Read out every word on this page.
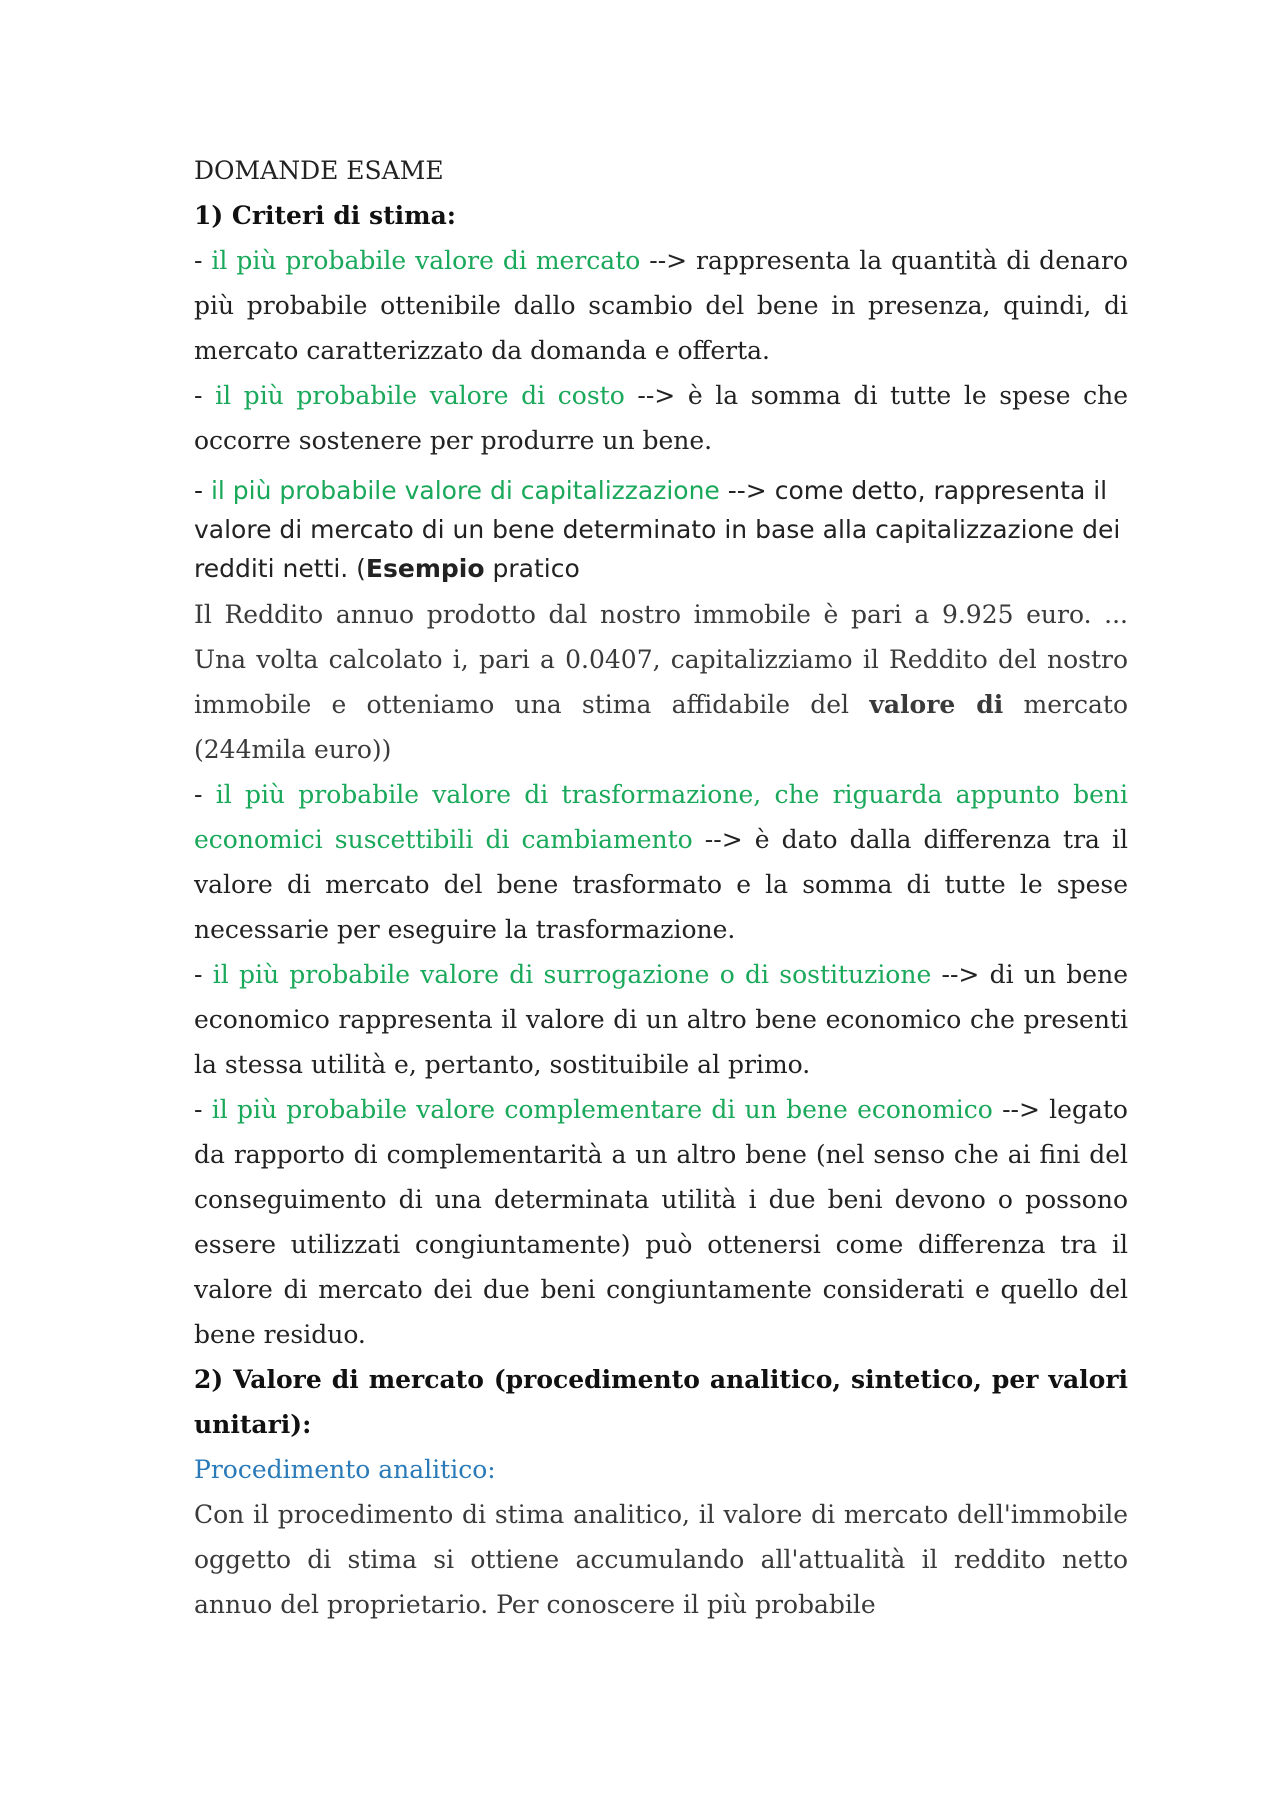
DOMANDE ESAME

1) Criteri di stima:

- il più probabile valore di mercato --> rappresenta la quantità di denaro più probabile ottenibile dallo scambio del bene in presenza, quindi, di mercato caratterizzato da domanda e offerta.

- il più probabile valore di costo --> è la somma di tutte le spese che occorre sostenere per produrre un bene.

- il più probabile valore di capitalizzazione --> come detto, rappresenta il valore di mercato di un bene determinato in base alla capitalizzazione dei redditi netti. (Esempio pratico

Il Reddito annuo prodotto dal nostro immobile è pari a 9.925 euro. ... Una volta calcolato i, pari a 0.0407, capitalizziamo il Reddito del nostro immobile e otteniamo una stima affidabile del valore di mercato (244mila euro))

- il più probabile valore di trasformazione, che riguarda appunto beni economici suscettibili di cambiamento --> è dato dalla differenza tra il valore di mercato del bene trasformato e la somma di tutte le spese necessarie per eseguire la trasformazione.

- il più probabile valore di surrogazione o di sostituzione --> di un bene economico rappresenta il valore di un altro bene economico che presenti la stessa utilità e, pertanto, sostituibile al primo.

- il più probabile valore complementare di un bene economico --> legato da rapporto di complementarità a un altro bene (nel senso che ai fini del conseguimento di una determinata utilità i due beni devono o possono essere utilizzati congiuntamente) può ottenersi come differenza tra il valore di mercato dei due beni congiuntamente considerati e quello del bene residuo.

2) Valore di mercato (procedimento analitico, sintetico, per valori unitari):

Procedimento analitico:

Con il procedimento di stima analitico, il valore di mercato dell'immobile oggetto di stima si ottiene accumulando all'attualità il reddito netto annuo del proprietario. Per conoscere il più probabile
